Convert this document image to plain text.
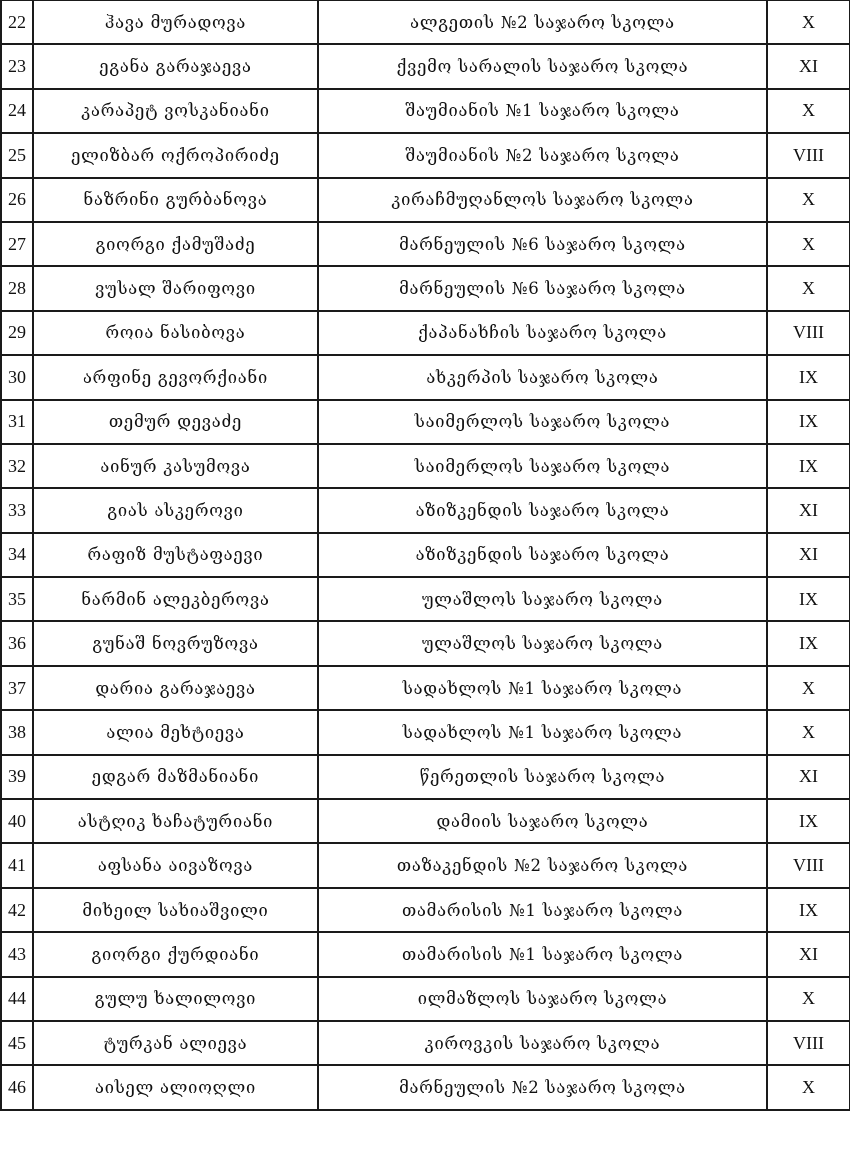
22	ჰავა მურადოვა	ალგეთის №2 საჯარო სკოლა	X
23	ეგანა გარაჯაევა	ქვემო სარალის საჯარო სკოლა	XI
24	კარაპეტ ვოსკანიანი	შაუმიანის №1 საჯარო სკოლა	X
25	ელიზბარ ოქროპირიძე	შაუმიანის №2 საჯარო სკოლა	VIII
26	ნაზრინი გურბანოვა	კირაჩმუღანლოს საჯარო სკოლა	X
27	გიორგი ქამუშაძე	მარნეულის №6 საჯარო სკოლა	X
28	ვუსალ შარიფოვი	მარნეულის №6 საჯარო სკოლა	X
29	როია ნასიბოვა	ქაპანახჩის საჯარო სკოლა	VIII
30	არფინე გევორქიანი	ახკერპის საჯარო სკოლა	IX
31	თემურ დევაძე	საიმერლოს საჯარო სკოლა	IX
32	აინურ კასუმოვა	საიმერლოს საჯარო სკოლა	IX
33	გიას ასკეროვი	აზიზკენდის საჯარო სკოლა	XI
34	რაფიზ მუსტაფაევი	აზიზკენდის საჯარო სკოლა	XI
35	ნარმინ ალეკბეროვა	ულაშლოს საჯარო სკოლა	IX
36	გუნაშ ნოვრუზოვა	ულაშლოს საჯარო სკოლა	IX
37	დარია გარაჯაევა	სადახლოს №1 საჯარო სკოლა	X
38	ალია მეხტიევა	სადახლოს №1 საჯარო სკოლა	X
39	ედგარ მაზმანიანი	წერეთლის საჯარო სკოლა	XI
40	ასტღიკ ხაჩატურიანი	დამიის საჯარო სკოლა	IX
41	აფსანა აივაზოვა	თაზაკენდის №2 საჯარო სკოლა	VIII
42	მიხეილ სახიაშვილი	თამარისის №1 საჯარო სკოლა	IX
43	გიორგი ქურდიანი	თამარისის №1 საჯარო სკოლა	XI
44	გულუ ხალილოვი	ილმაზლოს საჯარო სკოლა	X
45	ტურკან ალიევა	კიროვკის საჯარო სკოლა	VIII
46	აისელ ალიოღლი	მარნეულის №2 საჯარო სკოლა	X
